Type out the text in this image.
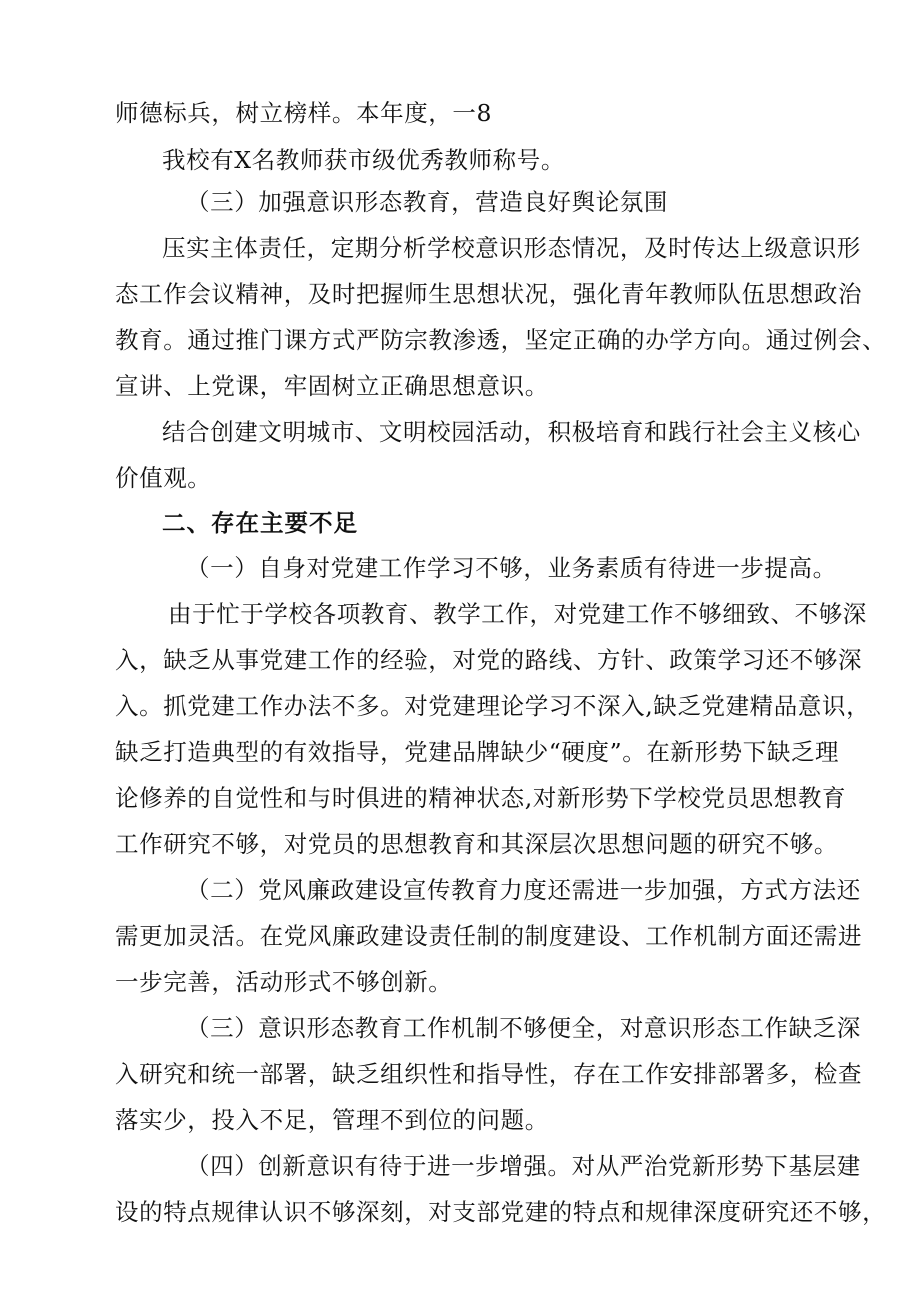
师德标兵，树立榜样。本年度，一8
我校有X名教师获市级优秀教师称号。
（三）加强意识形态教育，营造良好舆论氛围
压实主体责任，定期分析学校意识形态情况，及时传达上级意识形
态工作会议精神，及时把握师生思想状况，强化青年教师队伍思想政治
教育。通过推门课方式严防宗教渗透，坚定正确的办学方向。通过例会、
宣讲、上党课，牢固树立正确思想意识。
结合创建文明城市、文明校园活动，积极培育和践行社会主义核心
价值观。
二、存在主要不足
（一）自身对党建工作学习不够，业务素质有待进一步提高。
由于忙于学校各项教育、教学工作，对党建工作不够细致、不够深
入，缺乏从事党建工作的经验，对党的路线、方针、政策学习还不够深
入。抓党建工作办法不多。对党建理论学习不深入,缺乏党建精品意识，
缺乏打造典型的有效指导，党建品牌缺少“硬度”。在新形势下缺乏理
论修养的自觉性和与时俱进的精神状态,对新形势下学校党员思想教育
工作研究不够，对党员的思想教育和其深层次思想问题的研究不够。
（二）党风廉政建设宣传教育力度还需进一步加强，方式方法还
需更加灵活。在党风廉政建设责任制的制度建设、工作机制方面还需进
一步完善，活动形式不够创新。
（三）意识形态教育工作机制不够便全，对意识形态工作缺乏深
入研究和统一部署，缺乏组织性和指导性，存在工作安排部署多，检查
落实少，投入不足，管理不到位的问题。
（四）创新意识有待于进一步增强。对从严治党新形势下基层建
设的特点规律认识不够深刻，对支部党建的特点和规律深度研究还不够，
